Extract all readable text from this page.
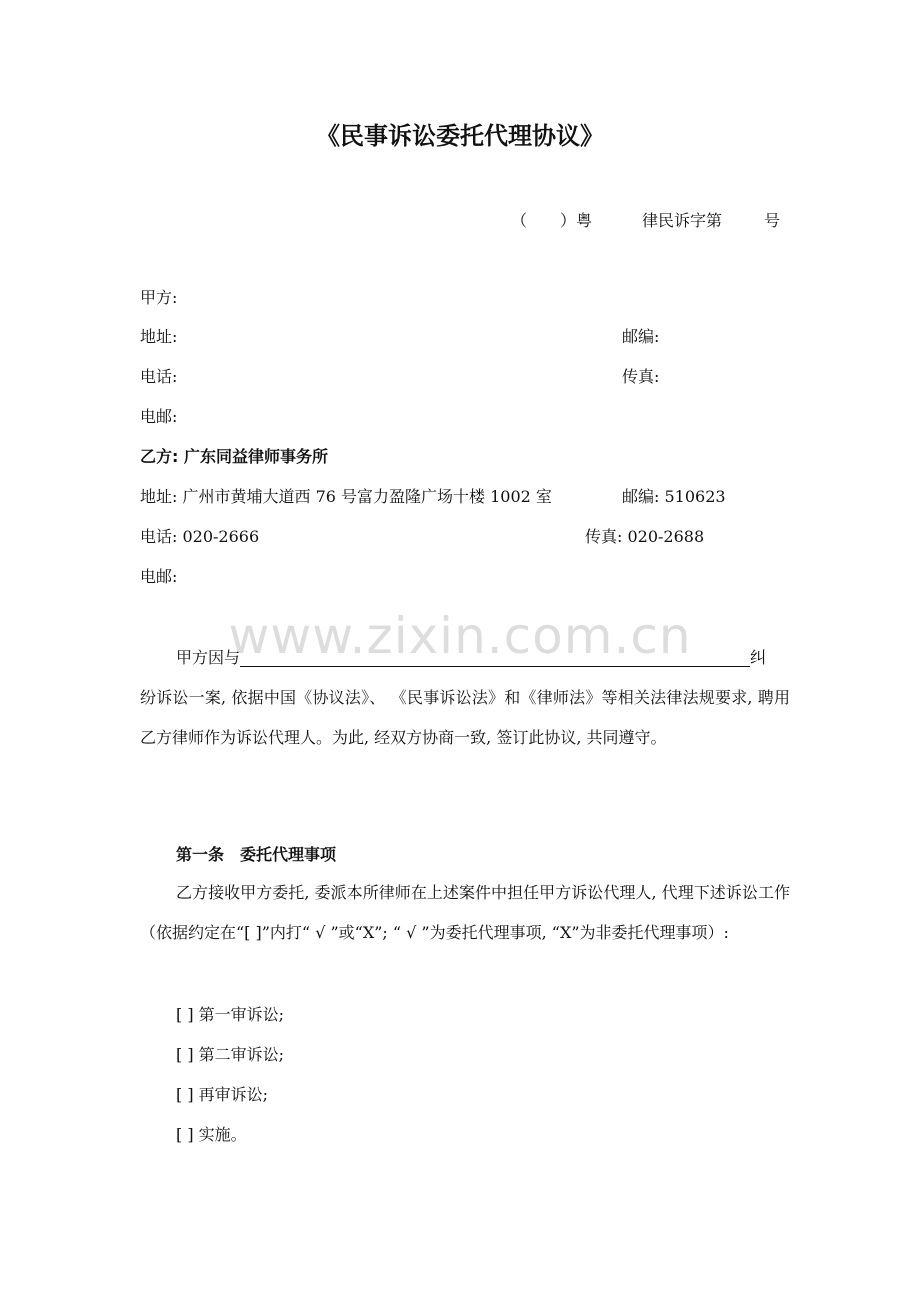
《民事诉讼委托代理协议》
（ ）粤	律民诉字第	号
甲方:
地址:	邮编:
电话:	传真:
电邮:
乙方: 广东同益律师事务所
地址: 广州市黄埔大道西 76 号富力盈隆广场十楼 1002 室	邮编: 510623
电话: 020-2666	传真: 020-2688
电邮:
www.zixin.com.cn
甲方因与	纠
纷诉讼一案, 依据中国《协议法》、 《民事诉讼法》和《律师法》等相关法律法规要求, 聘用乙方律师作为诉讼代理人。为此, 经双方协商一致, 签订此协议, 共同遵守。
第一条　委托代理事项
乙方接收甲方委托, 委派本所律师在上述案件中担任甲方诉讼代理人, 代理下述诉讼工作（依据约定在“[ ]”内打“ √ ”或“X”; “ √ ”为委托代理事项, “X”为非委托代理事项）:
[ ] 第一审诉讼;
[ ] 第二审诉讼;
[ ] 再审诉讼;
[ ] 实施。
